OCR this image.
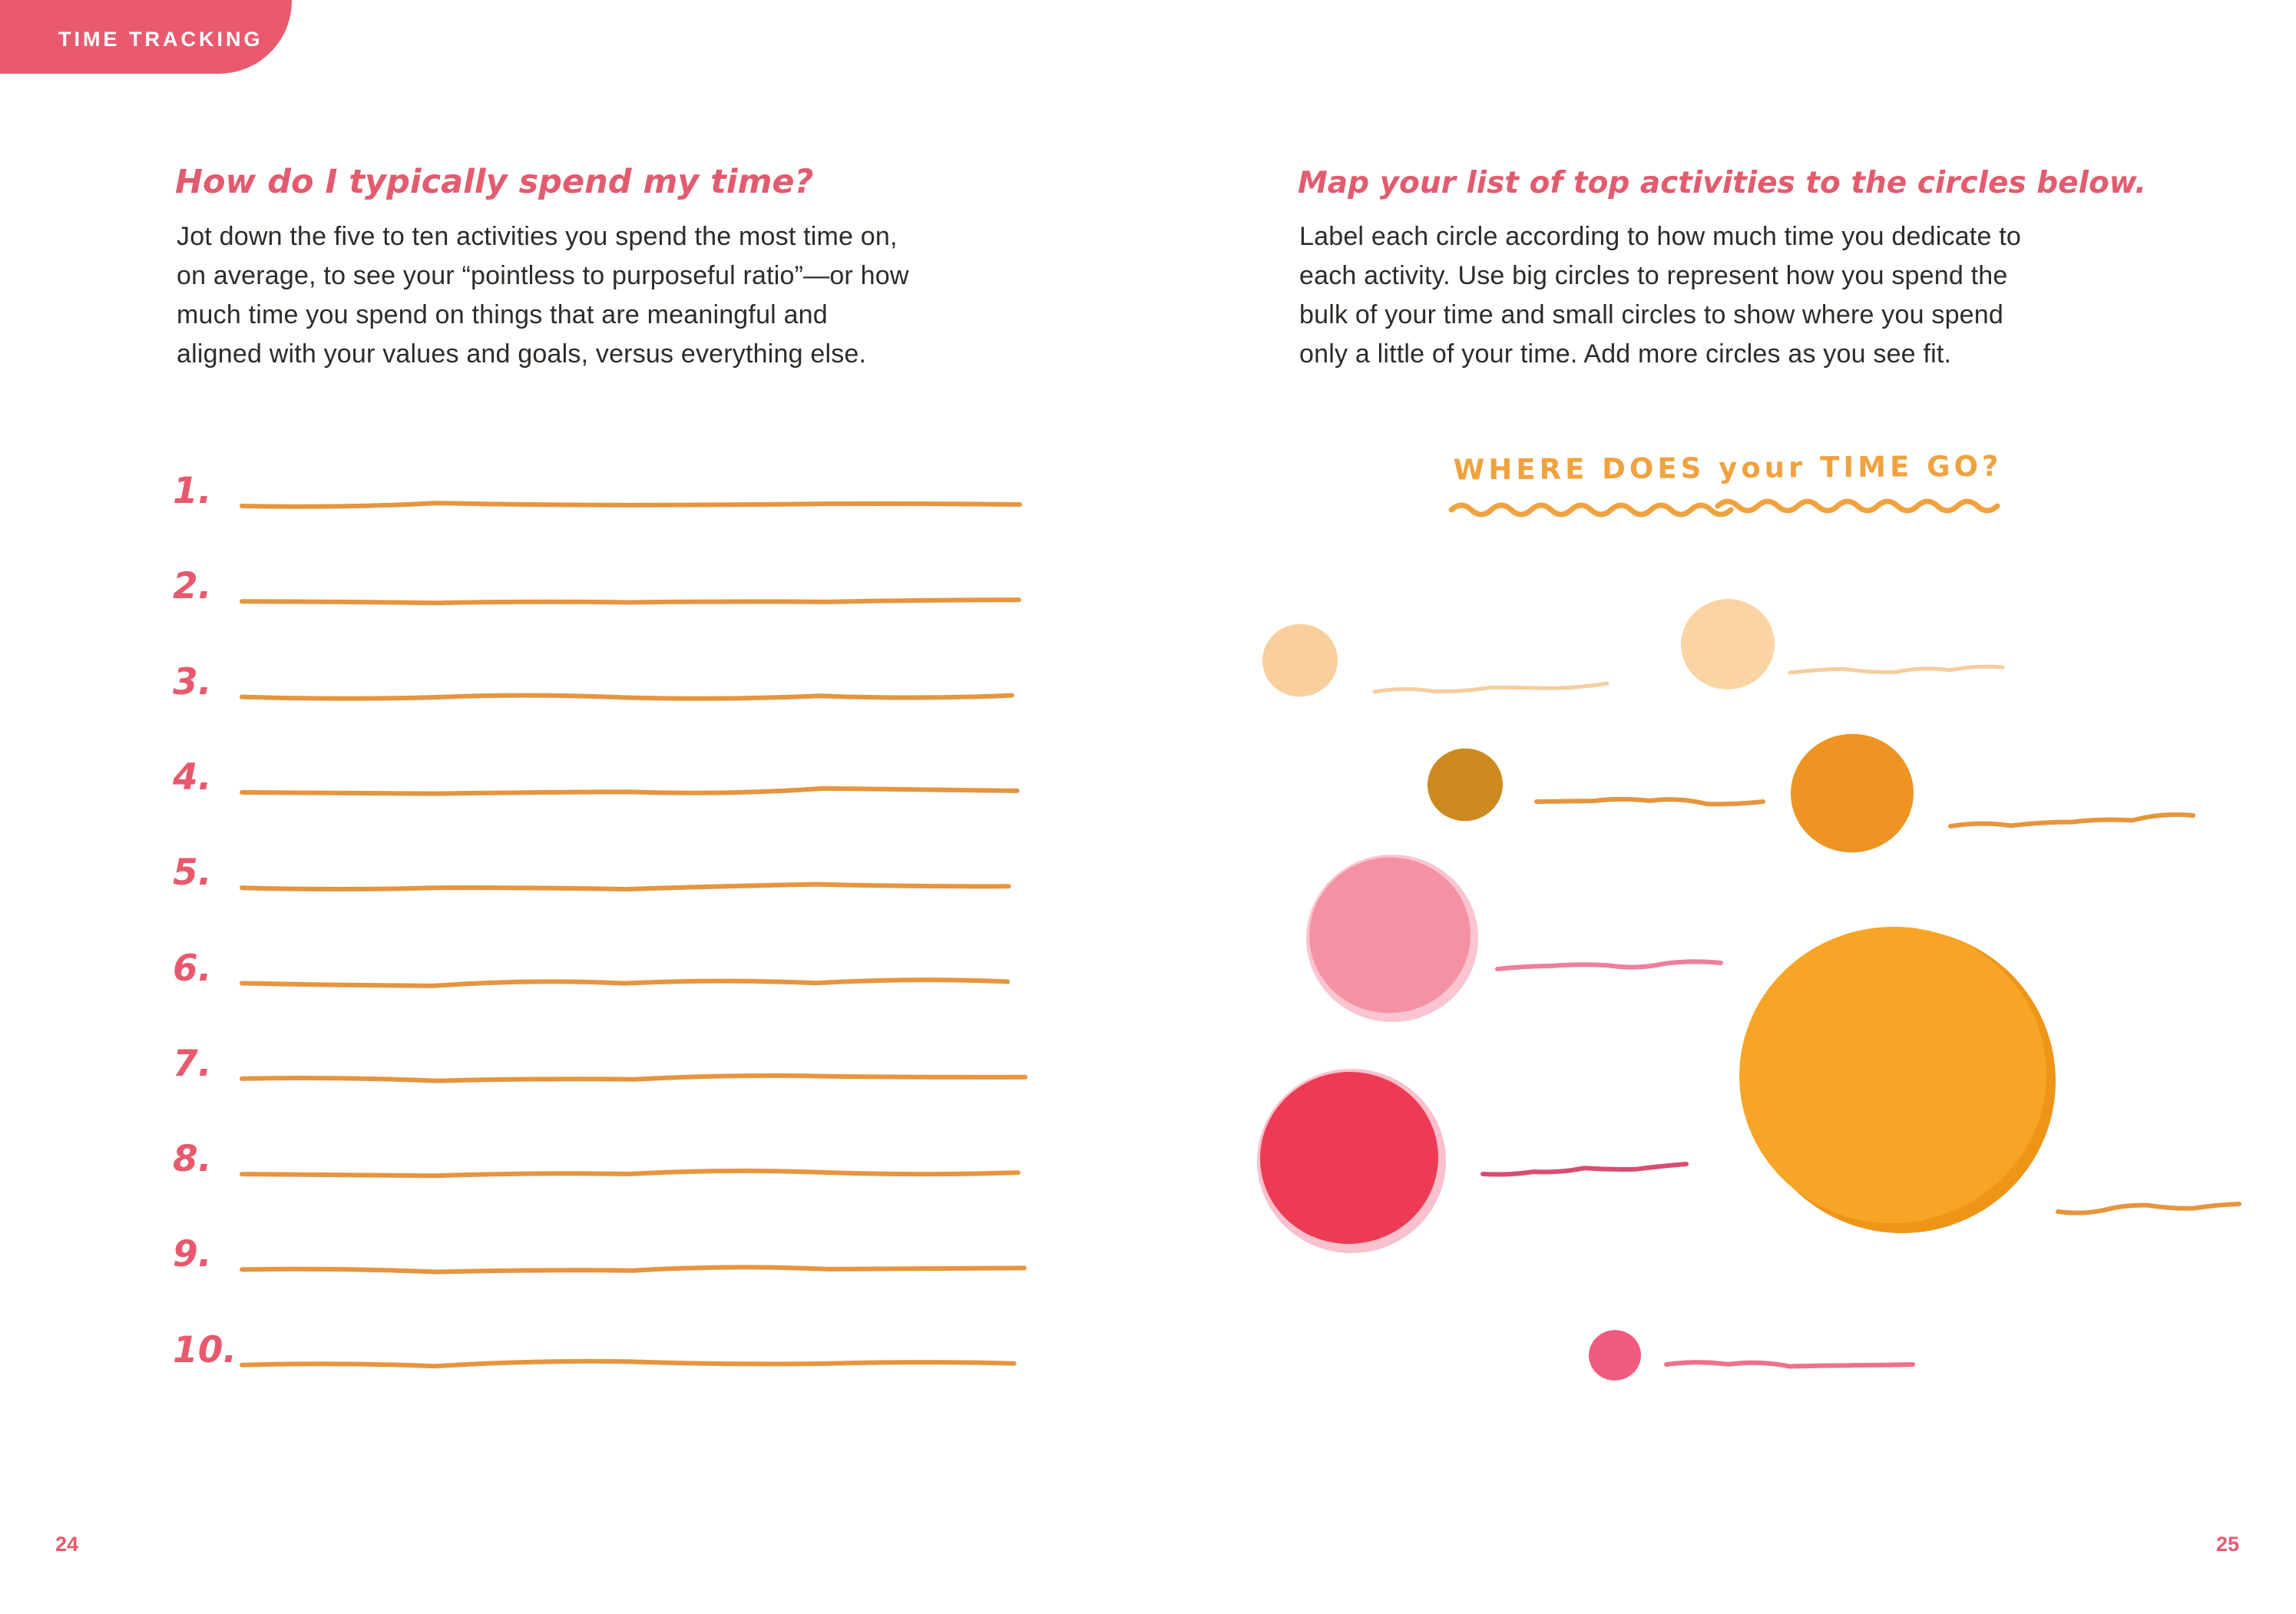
TIME TRACKING
How do I typically spend my time?
Jot down the five to ten activities you spend the most time on,
on average, to see your “pointless to purposeful ratio”—or how
much time you spend on things that are meaningful and
aligned with your values and goals, versus everything else.
1.
2.
3.
4.
5.
6.
7.
8.
9.
10.
24
Map your list of top activities to the circles below.
Label each circle according to how much time you dedicate to
each activity. Use big circles to represent how you spend the
bulk of your time and small circles to show where you spend
only a little of your time. Add more circles as you see fit.
WHERE DOES your TIME GO?
25
